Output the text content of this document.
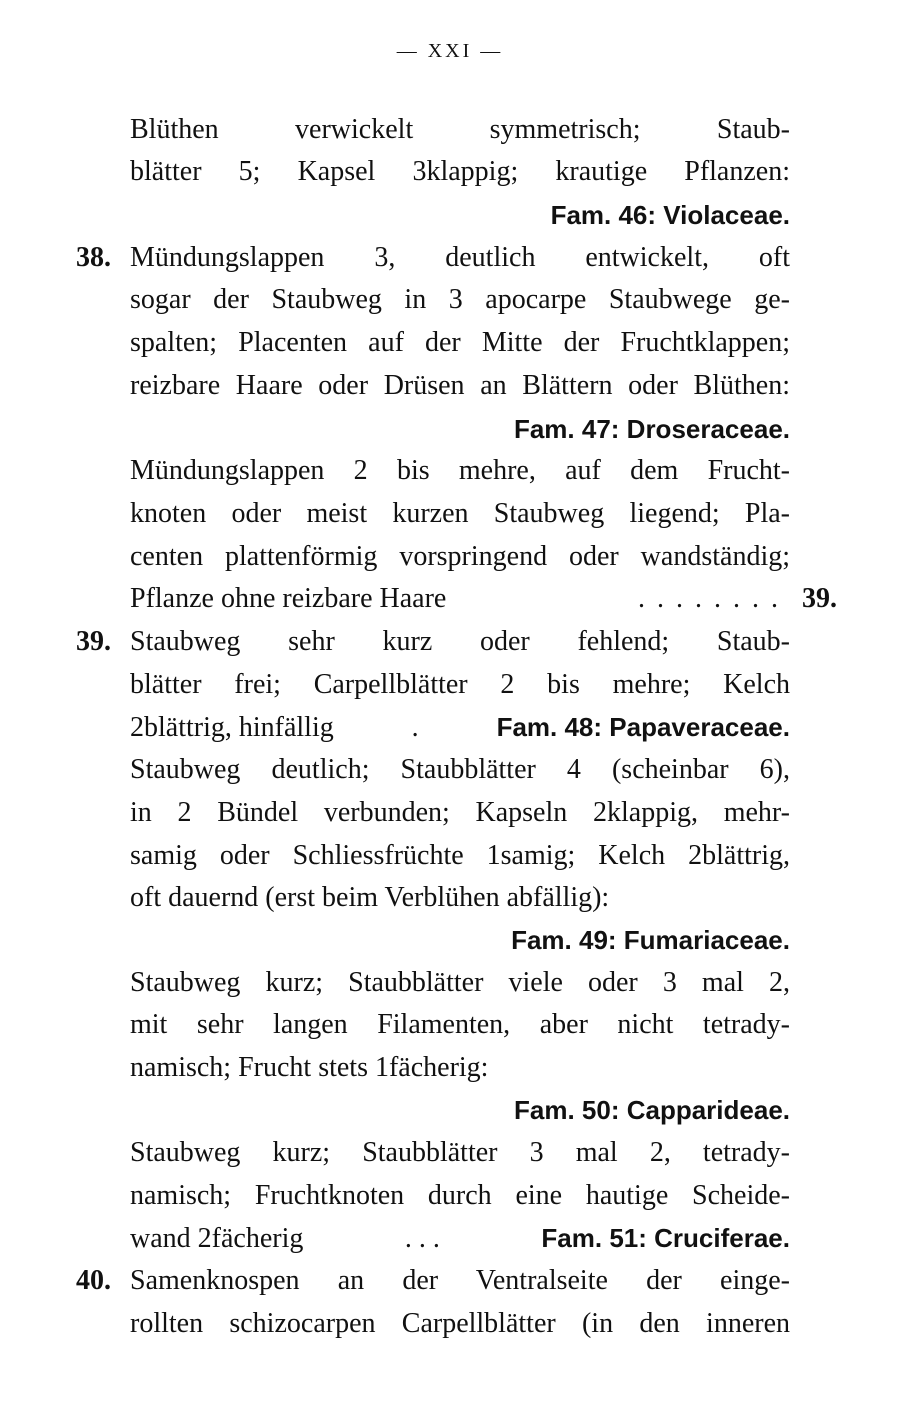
— XXI —
Blüthen verwickelt symmetrisch; Staub-
blätter 5; Kapsel 3klappig; krautige Pflanzen:
Fam. 46: Violaceae.
38. Mündungslappen 3, deutlich entwickelt, oft
sogar der Staubweg in 3 apocarpe Staubwege ge-
spalten; Placenten auf der Mitte der Fruchtklappen;
reizbare Haare oder Drüsen an Blättern oder Blüthen:
Fam. 47: Droseraceae.
Mündungslappen 2 bis mehre, auf dem Frucht-
knoten oder meist kurzen Staubweg liegend; Pla-
centen plattenförmig vorspringend oder wandständig;
Pflanze ohne reizbare Haare	........ 39.
39. Staubweg sehr kurz oder fehlend; Staub-
blätter frei; Carpellblätter 2 bis mehre; Kelch
2blättrig, hinfällig	.	Fam. 48: Papaveraceae.
Staubweg deutlich; Staubblätter 4 (scheinbar 6),
in 2 Bündel verbunden; Kapseln 2klappig, mehr-
samig oder Schliessfrüchte 1samig; Kelch 2blättrig,
oft dauernd (erst beim Verblühen abfällig):
Fam. 49: Fumariaceae.
Staubweg kurz; Staubblätter viele oder 3 mal 2,
mit sehr langen Filamenten, aber nicht tetrady-
namisch; Frucht stets 1fächerig:
Fam. 50: Capparideae.
Staubweg kurz; Staubblätter 3 mal 2, tetrady-
namisch; Fruchtknoten durch eine hautige Scheide-
wand 2fächerig	. . .	Fam. 51: Cruciferae.
40. Samenknospen an der Ventralseite der einge-
rollten schizocarpen Carpellblätter (in den inneren
